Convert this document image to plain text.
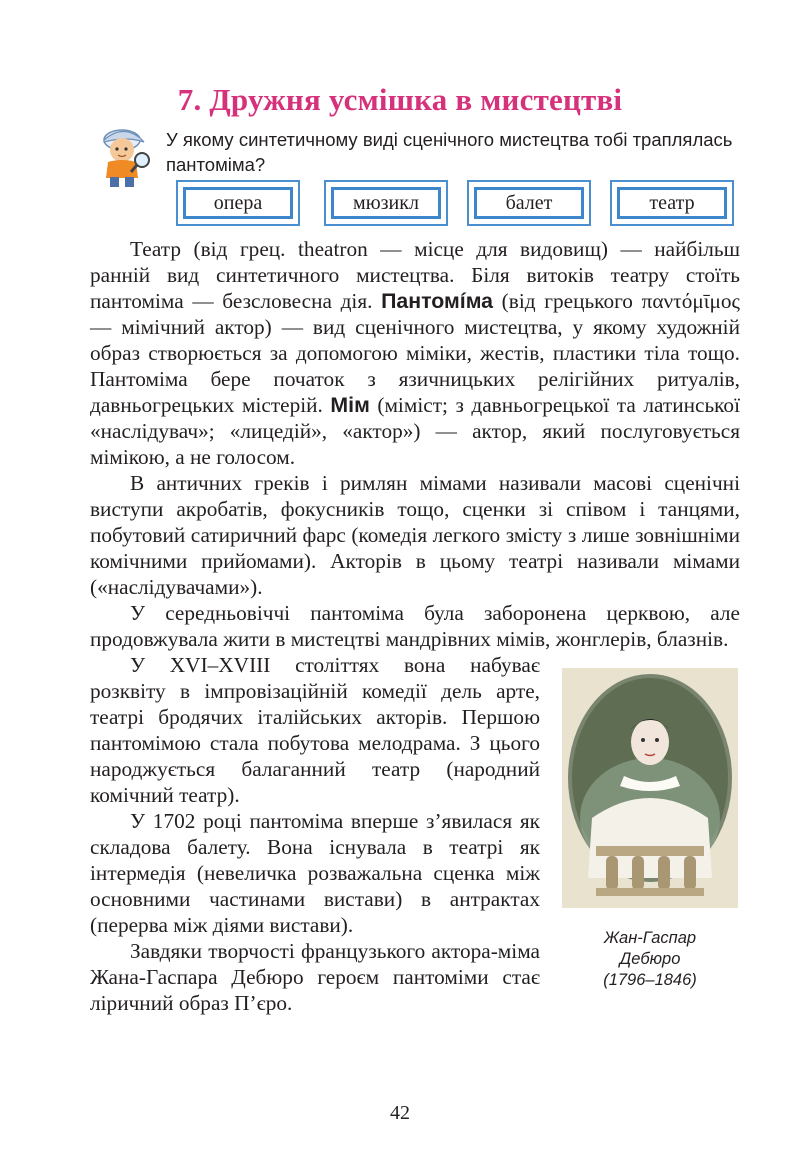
7. Дружня усмішка в мистецтві
У якому синтетичному виді сценічного мистецтва тобі траплялась пантоміма?
опера	мюзикл	балет	театр

Театр (від грец. theatron — місце для видовищ) — найбільш ранній вид синтетичного мистецтва. Біля витоків театру стоїть пантоміма — безсловесна дія. Пантомíма (від грецького παντόμῑμος — мімічний актор) — вид сценічного мистецтва, у якому художній образ створюється за допомогою міміки, жестів, пластики тіла тощо. Пантоміма бере початок з язичницьких релігійних ритуалів, давньогрецьких містерій. Мім (міміст; з давньогрецької та латинської «наслідувач»; «лицедій», «актор») — актор, який послуговується мімікою, а не голосом.

В античних греків і римлян мімами називали масові сценічні виступи акробатів, фокусників тощо, сценки зі співом і танцями, побутовий сатиричний фарс (комедія легкого змісту з лише зовнішніми комічними прийомами). Акторів в цьому театрі називали мімами («наслідувачами»).

У середньовіччі пантоміма була заборонена церквою, але продовжувала жити в мистецтві мандрівних мімів, жонглерів, блазнів.

Жан-Гаспар
Дебюро
(1796–1846)

У XVI–XVIII століттях вона набуває розквіту в імпровізаційній комедії дель арте, театрі бродячих італійських акторів. Першою пантомімою стала побутова мелодрама. З цього народжується балаганний театр (народний комічний театр).

У 1702 році пантоміма вперше з’явилася як складова балету. Вона існувала в театрі як інтермедія (невеличка розважальна сценка між основними частинами вистави) в антрактах (перерва між діями вистави).

Завдяки творчості французького актора-міма Жана-Гаспара Дебюро героєм пантоміми стає ліричний образ П’єро.

42
